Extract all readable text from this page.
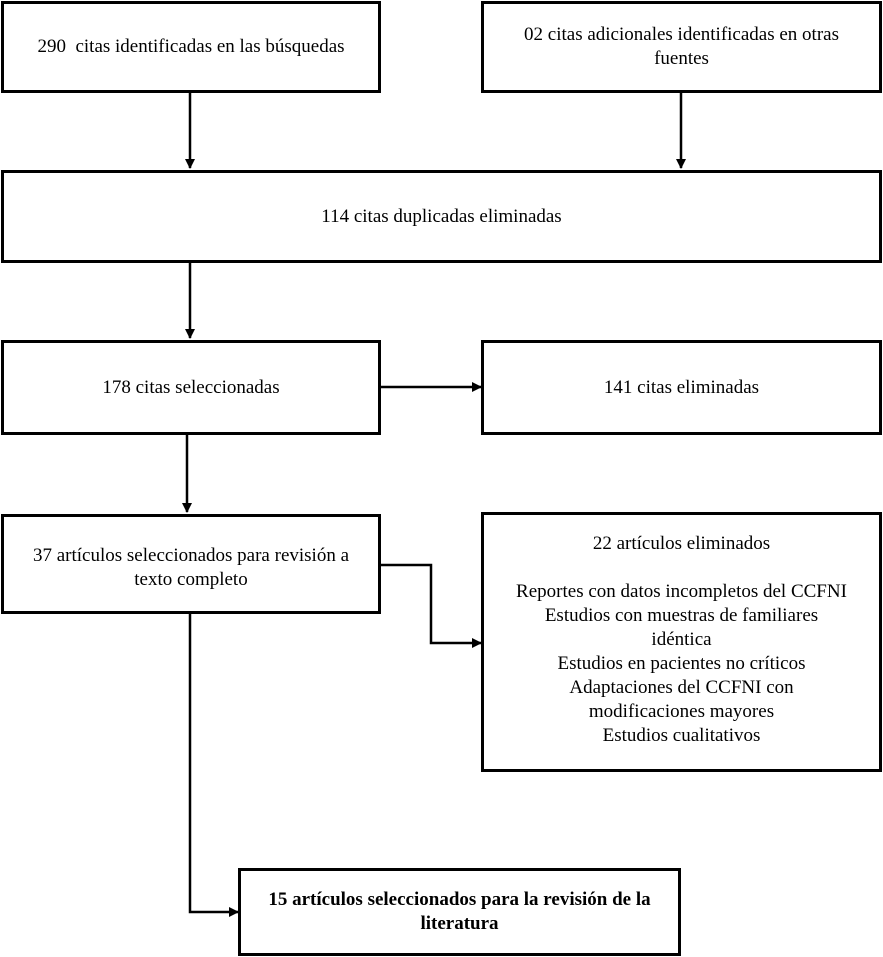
290  citas identificadas en las búsquedas
02 citas adicionales identificadas en otras fuentes
114 citas duplicadas eliminadas
178 citas seleccionadas	141 citas eliminadas
37 artículos seleccionados para revisión a texto completo
22 artículos eliminados
Reportes con datos incompletos del CCFNI
Estudios con muestras de familiares idéntica
Estudios en pacientes no críticos
Adaptaciones del CCFNI con modificaciones mayores
Estudios cualitativos
15 artículos seleccionados para la revisión de la literatura
